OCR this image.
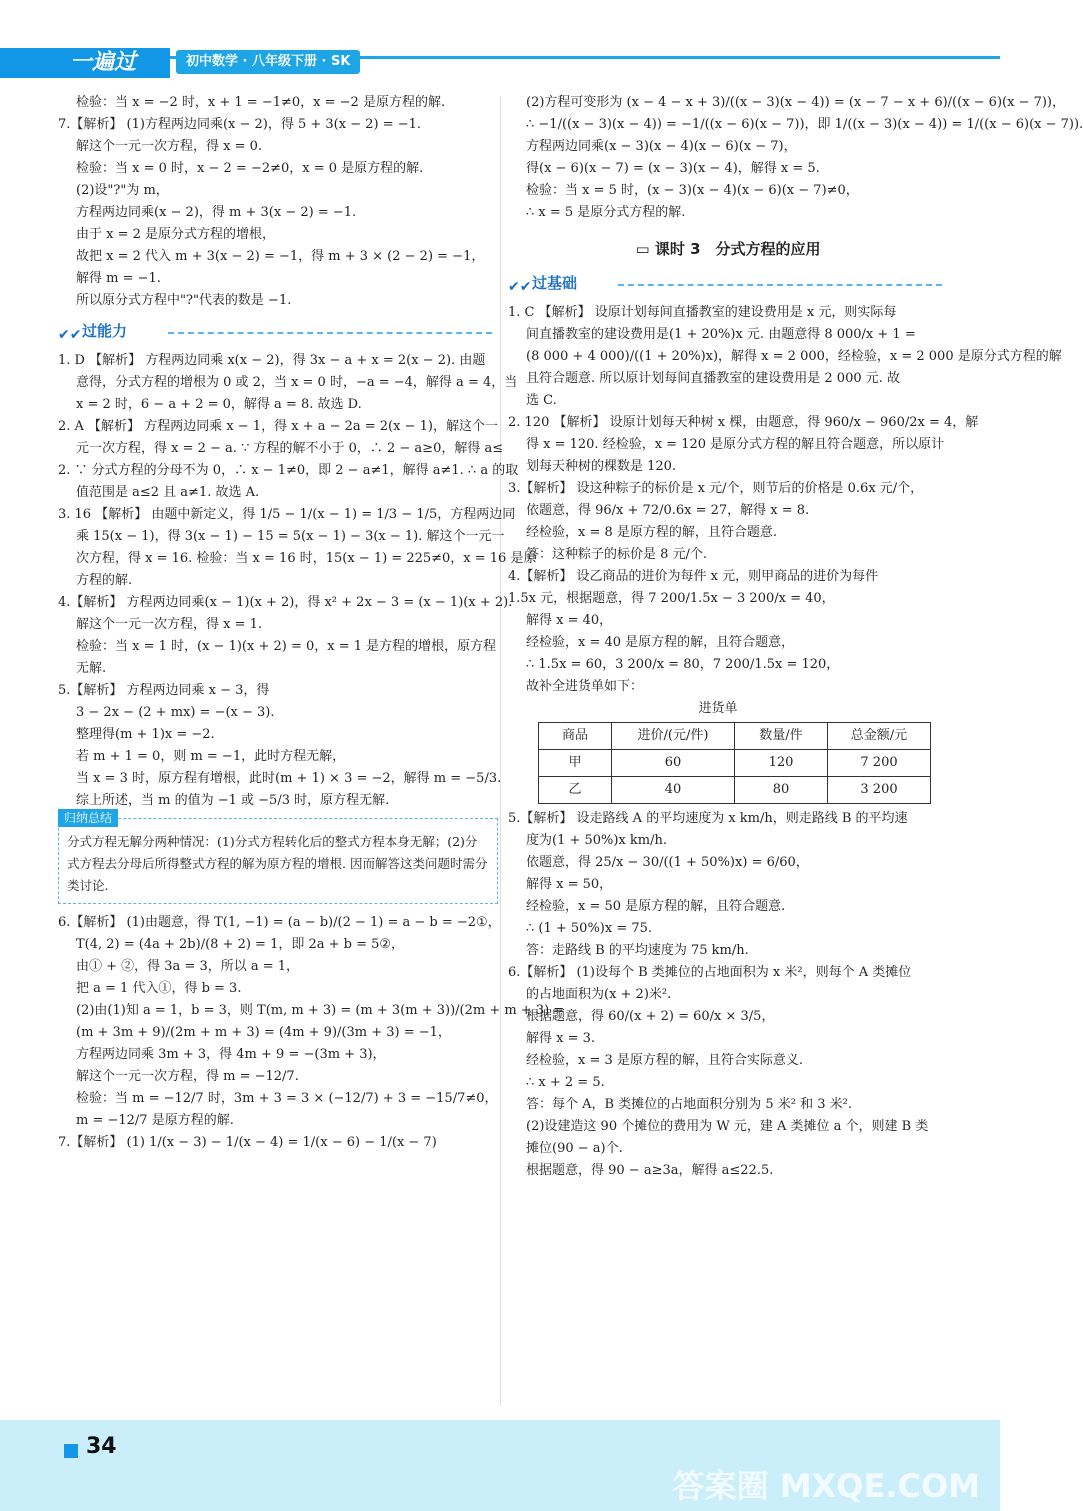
一遍过	初中数学 · 八年级下册 · SK
检验：当 x = −2 时，x + 1 = −1≠0，x = −2 是原方程的解.
7.【解析】 (1)方程两边同乘(x − 2)，得 5 + 3(x − 2) = −1.
解这个一元一次方程，得 x = 0.
检验：当 x = 0 时，x − 2 = −2≠0，x = 0 是原方程的解.
(2)设"?"为 m，
方程两边同乘(x − 2)，得 m + 3(x − 2) = −1.
由于 x = 2 是原分式方程的增根，
故把 x = 2 代入 m + 3(x − 2) = −1，得 m + 3 × (2 − 2) = −1，
解得 m = −1.
所以原分式方程中"?"代表的数是 −1.
✔✔ 过能力
1. D 【解析】 方程两边同乘 x(x − 2)，得 3x − a + x = 2(x − 2). 由题
意得，分式方程的增根为 0 或 2，当 x = 0 时，−a = −4，解得 a = 4，当
x = 2 时，6 − a + 2 = 0，解得 a = 8. 故选 D.
2. A 【解析】 方程两边同乘 x − 1，得 x + a − 2a = 2(x − 1)，解这个一
元一次方程，得 x = 2 − a. ∵ 方程的解不小于 0，∴ 2 − a≥0，解得 a≤
2. ∵ 分式方程的分母不为 0，∴ x − 1≠0，即 2 − a≠1，解得 a≠1. ∴ a 的取
值范围是 a≤2 且 a≠1. 故选 A.
3. 16 【解析】 由题中新定义，得 1/5 − 1/(x − 1) = 1/3 − 1/5，方程两边同
乘 15(x − 1)，得 3(x − 1) − 15 = 5(x − 1) − 3(x − 1). 解这个一元一
次方程，得 x = 16. 检验：当 x = 16 时，15(x − 1) = 225≠0，x = 16 是原
方程的解.
4.【解析】 方程两边同乘(x − 1)(x + 2)，得 x² + 2x − 3 = (x − 1)(x + 2).
解这个一元一次方程，得 x = 1.
检验：当 x = 1 时，(x − 1)(x + 2) = 0，x = 1 是方程的增根，原方程
无解.
5.【解析】 方程两边同乘 x − 3，得
3 − 2x − (2 + mx) = −(x − 3).
整理得(m + 1)x = −2.
若 m + 1 = 0，则 m = −1，此时方程无解，
当 x = 3 时，原方程有增根，此时(m + 1) × 3 = −2，解得 m = −5/3.
综上所述，当 m 的值为 −1 或 −5/3 时，原方程无解.
归纳总结
分式方程无解分两种情况：(1)分式方程转化后的整式方程本身无解；(2)分式方程去分母后所得整式方程的解为原方程的增根. 因而解答这类问题时需分类讨论.
6.【解析】 (1)由题意，得 T(1, −1) = (a − b)/(2 − 1) = a − b = −2①，
T(4, 2) = (4a + 2b)/(8 + 2) = 1，即 2a + b = 5②，
由① + ②，得 3a = 3，所以 a = 1，
把 a = 1 代入①，得 b = 3.
(2)由(1)知 a = 1，b = 3，则 T(m, m + 3) = (m + 3(m + 3))/(2m + m + 3) =
(m + 3m + 9)/(2m + m + 3) = (4m + 9)/(3m + 3) = −1，
方程两边同乘 3m + 3，得 4m + 9 = −(3m + 3)，
解这个一元一次方程，得 m = −12/7.
检验：当 m = −12/7 时，3m + 3 = 3 × (−12/7) + 3 = −15/7≠0，
m = −12/7 是原方程的解.
7.【解析】 (1) 1/(x − 3) − 1/(x − 4) = 1/(x − 6) − 1/(x − 7)
(2)方程可变形为 (x − 4 − x + 3)/((x − 3)(x − 4)) = (x − 7 − x + 6)/((x − 6)(x − 7))，
∴ −1/((x − 3)(x − 4)) = −1/((x − 6)(x − 7))，即 1/((x − 3)(x − 4)) = 1/((x − 6)(x − 7)).
方程两边同乘(x − 3)(x − 4)(x − 6)(x − 7)，
得(x − 6)(x − 7) = (x − 3)(x − 4)，解得 x = 5.
检验：当 x = 5 时，(x − 3)(x − 4)(x − 6)(x − 7)≠0，
∴ x = 5 是原分式方程的解.
▭ 课时 3　分式方程的应用
✔✔ 过基础
1. C 【解析】 设原计划每间直播教室的建设费用是 x 元，则实际每
间直播教室的建设费用是(1 + 20%)x 元. 由题意得 8 000/x + 1 =
(8 000 + 4 000)/((1 + 20%)x)，解得 x = 2 000，经检验，x = 2 000 是原分式方程的解
且符合题意. 所以原计划每间直播教室的建设费用是 2 000 元. 故
选 C.
2. 120 【解析】 设原计划每天种树 x 棵，由题意，得 960/x − 960/2x = 4，解
得 x = 120. 经检验，x = 120 是原分式方程的解且符合题意，所以原计
划每天种树的棵数是 120.
3.【解析】 设这种粽子的标价是 x 元/个，则节后的价格是 0.6x 元/个，
依题意，得 96/x + 72/0.6x = 27，解得 x = 8.
经检验，x = 8 是原方程的解，且符合题意.
答：这种粽子的标价是 8 元/个.
4.【解析】 设乙商品的进价为每件 x 元，则甲商品的进价为每件
1.5x 元，根据题意，得 7 200/1.5x − 3 200/x = 40，
解得 x = 40，
经检验，x = 40 是原方程的解，且符合题意，
∴ 1.5x = 60，3 200/x = 80，7 200/1.5x = 120，
故补全进货单如下：
进货单
商品	进价/(元/件)	数量/件	总金额/元
甲	60	120	7 200
乙	40	80	3 200
5.【解析】 设走路线 A 的平均速度为 x km/h，则走路线 B 的平均速
度为(1 + 50%)x km/h.
依题意，得 25/x − 30/((1 + 50%)x) = 6/60，
解得 x = 50，
经检验，x = 50 是原方程的解，且符合题意.
∴ (1 + 50%)x = 75.
答：走路线 B 的平均速度为 75 km/h.
6.【解析】 (1)设每个 B 类摊位的占地面积为 x 米²，则每个 A 类摊位
的占地面积为(x + 2)米².
根据题意，得 60/(x + 2) = 60/x × 3/5，
解得 x = 3.
经检验，x = 3 是原方程的解，且符合实际意义.
∴ x + 2 = 5.
答：每个 A，B 类摊位的占地面积分别为 5 米² 和 3 米².
(2)设建造这 90 个摊位的费用为 W 元，建 A 类摊位 a 个，则建 B 类
摊位(90 − a)个.
根据题意，得 90 − a≥3a，解得 a≤22.5.
34
答案圈 MXQE.COM
